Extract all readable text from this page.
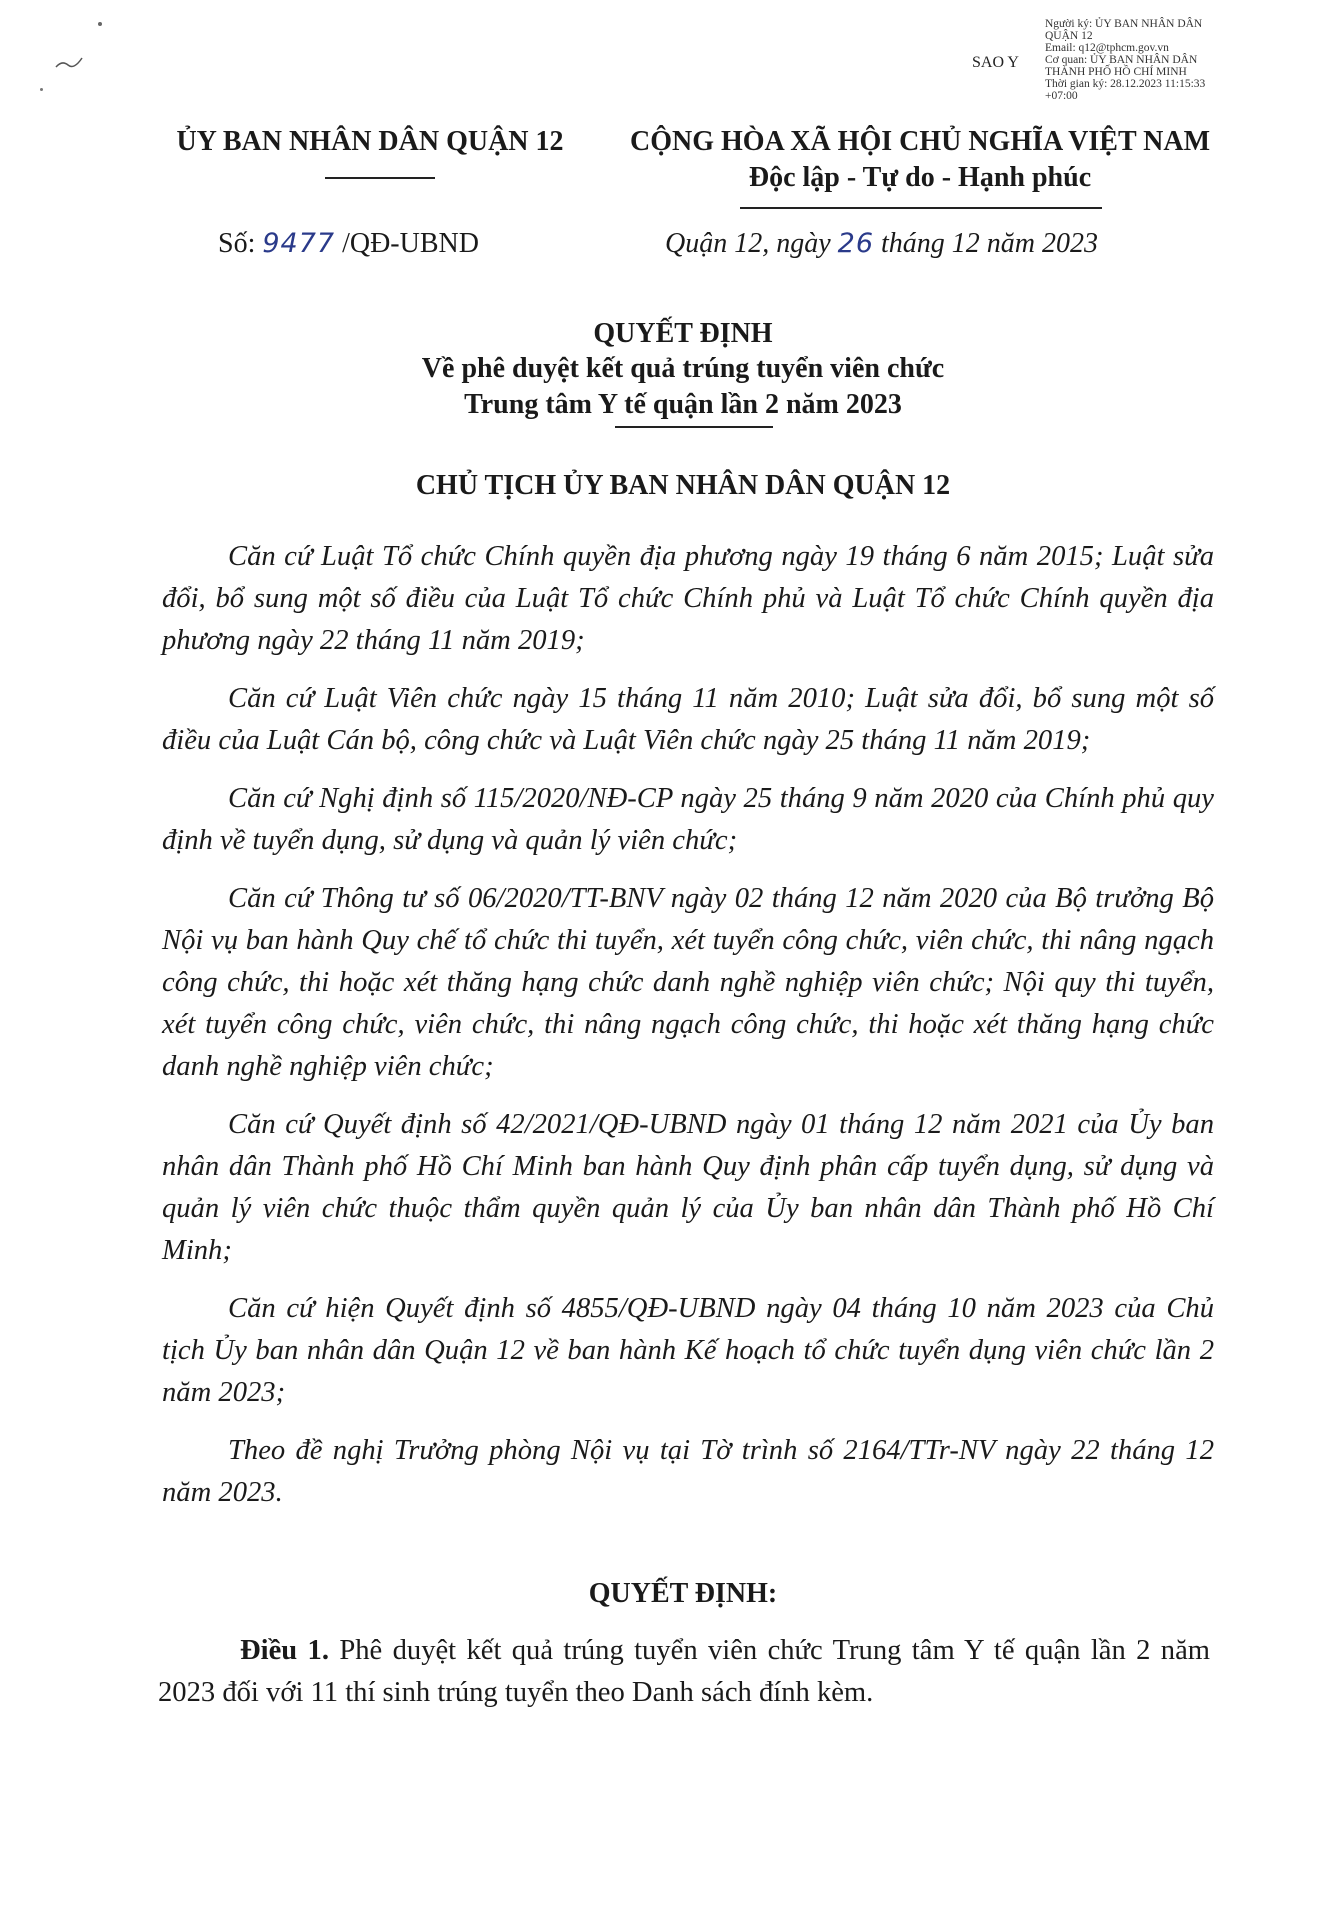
SAO Y
Người ký: ỦY BAN NHÂN DÂN
QUẬN 12
Email: q12@tphcm.gov.vn
Cơ quan: ỦY BAN NHÂN DÂN
THÀNH PHỐ HỒ CHÍ MINH
Thời gian ký: 28.12.2023 11:15:33
+07:00
ỦY BAN NHÂN DÂN QUẬN 12	CỘNG HÒA XÃ HỘI CHỦ NGHĨA VIỆT NAM
Độc lập - Tự do - Hạnh phúc
Số: 9477 /QĐ-UBND	Quận 12, ngày 26 tháng 12 năm 2023
QUYẾT ĐỊNH
Về phê duyệt kết quả trúng tuyển viên chức
Trung tâm Y tế quận lần 2 năm 2023
CHỦ TỊCH ỦY BAN NHÂN DÂN QUẬN 12

Căn cứ Luật Tổ chức Chính quyền địa phương ngày 19 tháng 6 năm 2015; Luật sửa đổi, bổ sung một số điều của Luật Tổ chức Chính phủ và Luật Tổ chức Chính quyền địa phương ngày 22 tháng 11 năm 2019;

Căn cứ Luật Viên chức ngày 15 tháng 11 năm 2010; Luật sửa đổi, bổ sung một số điều của Luật Cán bộ, công chức và Luật Viên chức ngày 25 tháng 11 năm 2019;

Căn cứ Nghị định số 115/2020/NĐ-CP ngày 25 tháng 9 năm 2020 của Chính phủ quy định về tuyển dụng, sử dụng và quản lý viên chức;

Căn cứ Thông tư số 06/2020/TT-BNV ngày 02 tháng 12 năm 2020 của Bộ trưởng Bộ Nội vụ ban hành Quy chế tổ chức thi tuyển, xét tuyển công chức, viên chức, thi nâng ngạch công chức, thi hoặc xét thăng hạng chức danh nghề nghiệp viên chức; Nội quy thi tuyển, xét tuyển công chức, viên chức, thi nâng ngạch công chức, thi hoặc xét thăng hạng chức danh nghề nghiệp viên chức;

Căn cứ Quyết định số 42/2021/QĐ-UBND ngày 01 tháng 12 năm 2021 của Ủy ban nhân dân Thành phố Hồ Chí Minh ban hành Quy định phân cấp tuyển dụng, sử dụng và quản lý viên chức thuộc thẩm quyền quản lý của Ủy ban nhân dân Thành phố Hồ Chí Minh;

Căn cứ hiện Quyết định số 4855/QĐ-UBND ngày 04 tháng 10 năm 2023 của Chủ tịch Ủy ban nhân dân Quận 12 về ban hành Kế hoạch tổ chức tuyển dụng viên chức lần 2 năm 2023;

Theo đề nghị Trưởng phòng Nội vụ tại Tờ trình số 2164/TTr-NV ngày 22 tháng 12 năm 2023.

QUYẾT ĐỊNH:
Điều 1. Phê duyệt kết quả trúng tuyển viên chức Trung tâm Y tế quận lần 2 năm 2023 đối với 11 thí sinh trúng tuyển theo Danh sách đính kèm.
